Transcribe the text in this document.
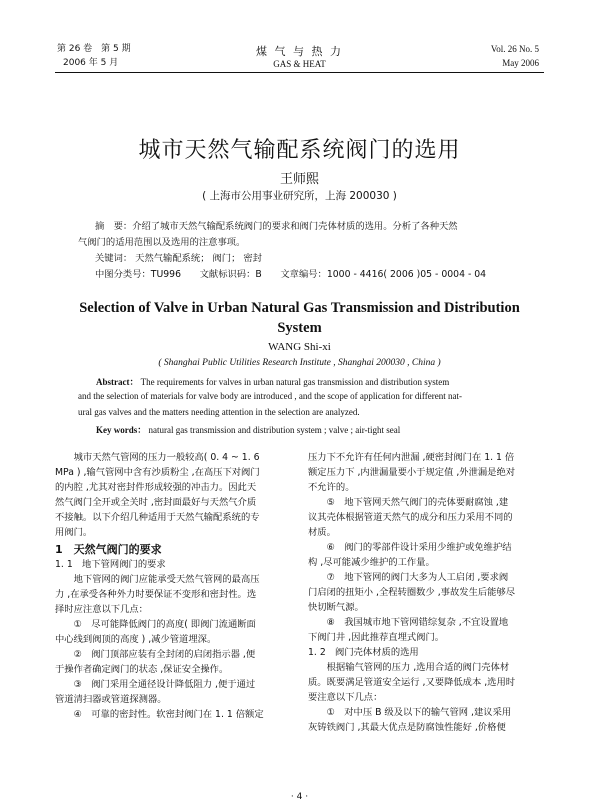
第 26 卷　第 5 期
2006 年 5 月
煤 气 与 热 力
GAS & HEAT
Vol. 26 No. 5
May 2006
城市天然气输配系统阀门的选用
王师熙
( 上海市公用事业研究所，上海 200030 )
摘　要：介绍了城市天然气输配系统阀门的要求和阀门壳体材质的选用。分析了各种天然
气阀门的适用范围以及选用的注意事项。
关键词： 天然气输配系统； 阀门； 密封
中图分类号：TU996　　文献标识码：B　　文章编号：1000 - 4416( 2006 )05 - 0004 - 04
Selection of Valve in Urban Natural Gas Transmission and Distribution
System
WANG Shi-xi
( Shanghai Public Utilities Research Institute , Shanghai 200030 , China )
Abstract： The requirements for valves in urban natural gas transmission and distribution system
and the selection of materials for valve body are introduced , and the scope of application for different nat-
ural gas valves and the matters needing attention in the selection are analyzed.
Key words： natural gas transmission and distribution system ; valve ; air-tight seal
　　城市天然气管网的压力一般较高( 0. 4 ~ 1. 6
MPa ) ,输气管网中含有沙质粉尘 ,在高压下对阀门
的内腔 ,尤其对密封件形成较强的冲击力。因此天
然气阀门全开或全关时 ,密封面最好与天然气介质
不接触。以下介绍几种适用于天然气输配系统的专
用阀门。
1　天然气阀门的要求
1. 1　地下管网阀门的要求
　　地下管网的阀门应能承受天然气管网的最高压
力 ,在承受各种外力时要保证不变形和密封性。选
择时应注意以下几点：
　　①　尽可能降低阀门的高度( 即阀门流通断面
中心线到阀顶的高度 ) ,减少管道埋深。
　　②　阀门顶部应装有全封闭的启闭指示器 ,便
于操作者确定阀门的状态 ,保证安全操作。
　　③　阀门采用全通径设计降低阻力 ,便于通过
管道清扫器或管道探测器。
　　④　可靠的密封性。软密封阀门在 1. 1 倍额定
压力下不允许有任何内泄漏 ,硬密封阀门在 1. 1 倍
额定压力下 ,内泄漏量要小于规定值 ,外泄漏是绝对
不允许的。
　　⑤　地下管网天然气阀门的壳体要耐腐蚀 ,建
议其壳体根据管道天然气的成分和压力采用不同的
材质。
　　⑥　阀门的零部件设计采用少维护或免维护结
构 ,尽可能减少维护的工作量。
　　⑦　地下管网的阀门大多为人工启闭 ,要求阀
门启闭的扭矩小 ,全程转圈数少 ,事故发生后能够尽
快切断气源。
　　⑧　我国城市地下管网错综复杂 ,不宜设置地
下阀门井 ,因此推荐直埋式阀门。
1. 2　阀门壳体材质的选用
　　根据输气管网的压力 ,选用合适的阀门壳体材
质。既要满足管道安全运行 ,又要降低成本 ,选用时
要注意以下几点：
　　①　对中压 B 级及以下的输气管网 ,建议采用
灰铸铁阀门 ,其最大优点是防腐蚀性能好 ,价格便
· 4 ·
